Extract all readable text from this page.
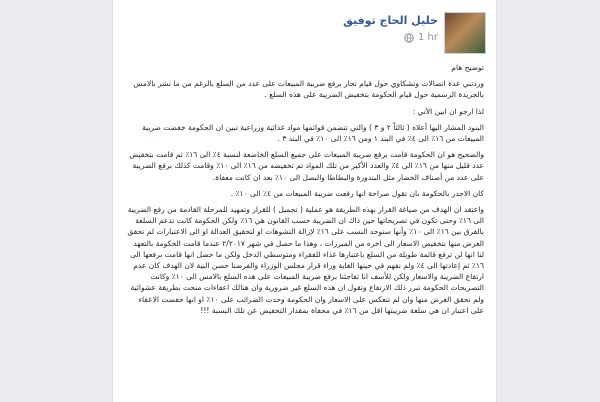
خليل الحاج توفيق
1 hr

توضيح هام

وردتني عدة اتصالات وتشكاوي حول قيام تجار برفع ضريبة المبيعات على عدد من السلع بالرغم من ما نشر بالامس بالجريدة الرسمية حول قيام الحكومة بتخفيض الضريبة على هذه السلع .

لذا ارجو ان ابين الآتي :

البنود المشار اليها أعلاه ( ثالثاً ٢ و ٣ ) والتي تتضمن قوائمها مواد غذائية وزراعية تبين ان الحكومة خفضت ضريبة المبيعات من ١٦٪ الى ٤٪ في البند ١ ومن ١٦٪ الى ١٠٪ في البند ٣ .

والصحيح هو ان الحكومة قامت برفع ضريبة المبيعات على جميع السلع الخاضعة لنسبة ٤٪ الى ١٦٪ ثم قامت بتخفيض عدد قليل منها من ١٦٪ الى ٤٪ والعدد الأكبر من تلك المواد تم تخفيضه من ١٦٪ الى ١٠٪ وقامت كذلك برفع الضريبة على عدد من أصناف الخضار مثل البندورة والبطاطا والبصل الى ١٠٪ بعد ان كانت معفاة.

كان الاجدر بالحكومة بان تقول صراحة انها رفعت ضريبة المبيعات من ٤٪ الى ١٠٪ .

واعتقد ان الهدف من صياغة القرار بهذه الطريقة هو عملية ( تجميل ) للقرار وتمهيد للمرحلة القادمة من رفع الضريبة الى ١٦٪ وحتى تكون في تصريحاتها حين ذاك ان الضريبة حسب القانون هي ١٦٪ ولكن الحكومة كانت تدعم السلعة بالفرق بين ١٦٪ الى ١٠٪ وأنها ستوحد النسب على ١٦٪ لإزالة التشوهات او لتحقيق العدالة او الى الاعتبارات لم تحقق الغرض منها بتخفيض الاسعار الى اخره من المبررات ، وهذا ما حصل في شهر ٢/٢٠١٧ عندما قامت الحكومة بالتعهد لنا انها لن ترفع قائمة طويلة من السلع باعتبارها غذاء للفقراء ومتوسطي الدخل ولكن ما حصل انها قامت برفعها الى ١٦٪ ثم إعادتها الى ٤٪ ولم نفهم في حينها الغاية وراء قرار مجلس الوزراء والفرضنا حسن النية لان الهدف كان عدم ارتفاع الضريبة والاسعار ولكن للأسف انا تفاجئنا برفع ضريبة المبيعات على هذه السلع بالامس الى ١٠٪ وكانت التصريحات الحكومة تبرر ذلك الارتفاع وتقول ان هذه السلع غير ضرورية وان هنالك اعفاءات منحت بطريقة عشوائية ولم تحقق الغرض منها وان لم تنعكس على الاسعار وان الحكومة وحدت الضرائب على ١٠٪ او انها خفضت الاعفاء على اعتبار ان هي سلعة ضريبتها اقل من ١٦٪ في محفاة بمقدار التخفيض عن تلك النسبة !!!
